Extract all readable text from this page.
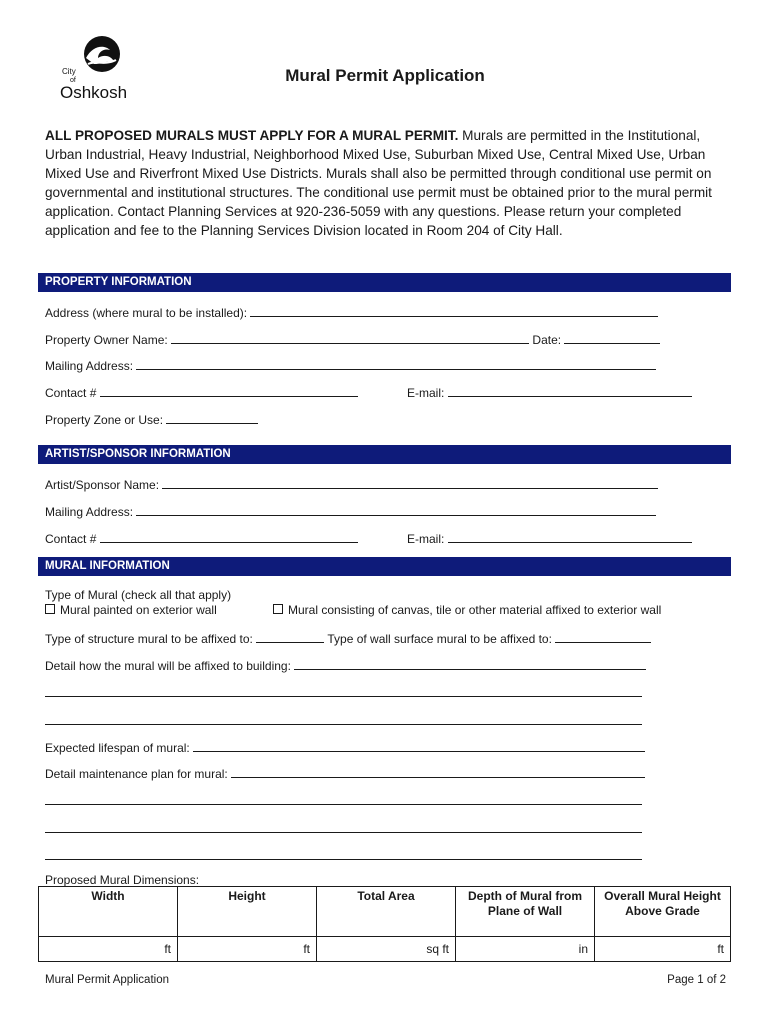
City
of
Oshkosh
Mural Permit Application
ALL PROPOSED MURALS MUST APPLY FOR A MURAL PERMIT. Murals are permitted in the Institutional, Urban Industrial, Heavy Industrial, Neighborhood Mixed Use, Suburban Mixed Use, Central Mixed Use, Urban Mixed Use and Riverfront Mixed Use Districts. Murals shall also be permitted through conditional use permit on governmental and institutional structures. The conditional use permit must be obtained prior to the mural permit application. Contact Planning Services at 920-236-5059 with any questions. Please return your completed application and fee to the Planning Services Division located in Room 204 of City Hall.
PROPERTY INFORMATION
Address (where mural to be installed):
Property Owner Name:	Date:
Mailing Address:
Contact #	E-mail:
Property Zone or Use:
ARTIST/SPONSOR INFORMATION
Artist/Sponsor Name:
Mailing Address:
Contact #	E-mail:
MURAL INFORMATION
Type of Mural (check all that apply)
Mural painted on exterior wall	Mural consisting of canvas, tile or other material affixed to exterior wall
Type of structure mural to be affixed to:	Type of wall surface mural to be affixed to:
Detail how the mural will be affixed to building:
Expected lifespan of mural:
Detail maintenance plan for mural:
Proposed Mural Dimensions:
Width	Height	Total Area	Depth of Mural from Plane of Wall	Overall Mural Height Above Grade
ft	ft	sq ft	in	ft
Mural Permit Application	Page 1 of 2
